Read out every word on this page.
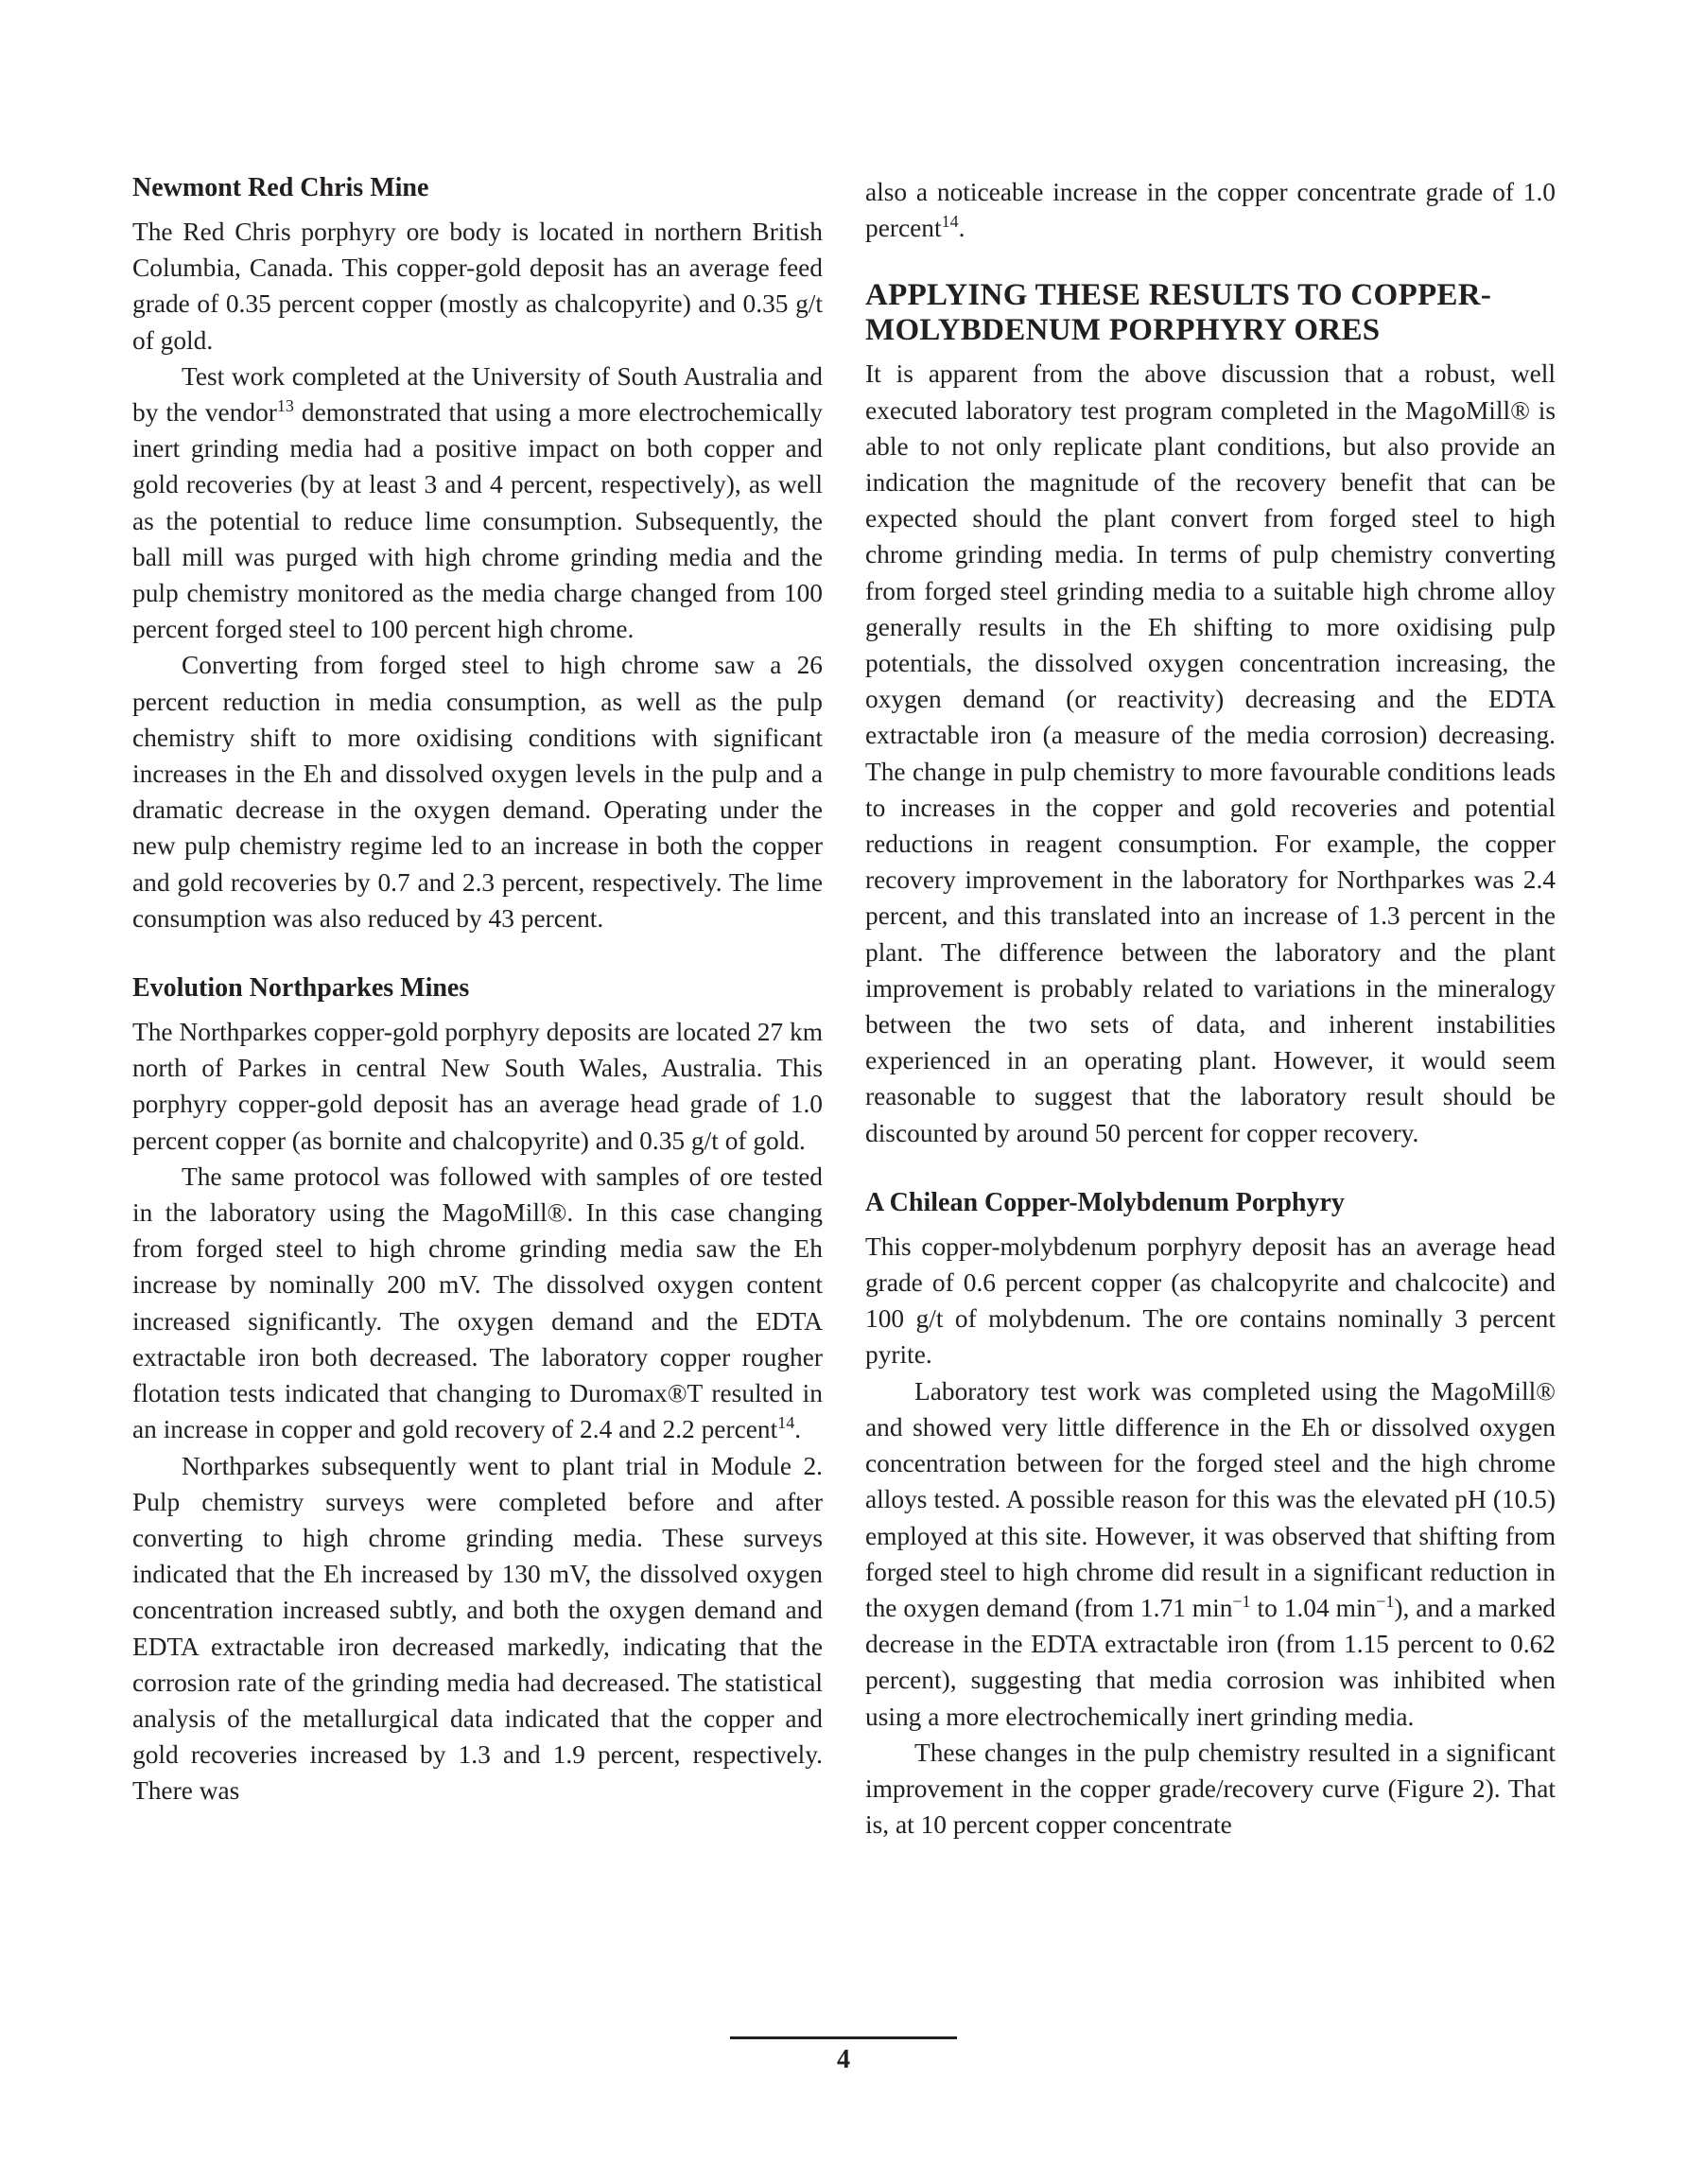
Newmont Red Chris Mine

The Red Chris porphyry ore body is located in northern British Columbia, Canada. This copper-gold deposit has an average feed grade of 0.35 percent copper (mostly as chalcopyrite) and 0.35 g/t of gold.

Test work completed at the University of South Australia and by the vendor$^{13}$ demonstrated that using a more electrochemically inert grinding media had a positive impact on both copper and gold recoveries (by at least 3 and 4 percent, respectively), as well as the potential to reduce lime consumption. Subsequently, the ball mill was purged with high chrome grinding media and the pulp chemistry monitored as the media charge changed from 100 percent forged steel to 100 percent high chrome.

Converting from forged steel to high chrome saw a 26 percent reduction in media consumption, as well as the pulp chemistry shift to more oxidising conditions with significant increases in the Eh and dissolved oxygen levels in the pulp and a dramatic decrease in the oxygen demand. Operating under the new pulp chemistry regime led to an increase in both the copper and gold recoveries by 0.7 and 2.3 percent, respectively. The lime consumption was also reduced by 43 percent.

Evolution Northparkes Mines

The Northparkes copper-gold porphyry deposits are located 27 km north of Parkes in central New South Wales, Australia. This porphyry copper-gold deposit has an average head grade of 1.0 percent copper (as bornite and chalcopyrite) and 0.35 g/t of gold.

The same protocol was followed with samples of ore tested in the laboratory using the MagoMill®. In this case changing from forged steel to high chrome grinding media saw the Eh increase by nominally 200 mV. The dissolved oxygen content increased significantly. The oxygen demand and the EDTA extractable iron both decreased. The laboratory copper rougher flotation tests indicated that changing to Duromax®T resulted in an increase in copper and gold recovery of 2.4 and 2.2 percent$^{14}$.

Northparkes subsequently went to plant trial in Module 2. Pulp chemistry surveys were completed before and after converting to high chrome grinding media. These surveys indicated that the Eh increased by 130 mV, the dissolved oxygen concentration increased subtly, and both the oxygen demand and EDTA extractable iron decreased markedly, indicating that the corrosion rate of the grinding media had decreased. The statistical analysis of the metallurgical data indicated that the copper and gold recoveries increased by 1.3 and 1.9 percent, respectively. There was

also a noticeable increase in the copper concentrate grade of 1.0 percent$^{14}$.

APPLYING THESE RESULTS TO COPPER-MOLYBDENUM PORPHYRY ORES

It is apparent from the above discussion that a robust, well executed laboratory test program completed in the MagoMill® is able to not only replicate plant conditions, but also provide an indication the magnitude of the recovery benefit that can be expected should the plant convert from forged steel to high chrome grinding media. In terms of pulp chemistry converting from forged steel grinding media to a suitable high chrome alloy generally results in the Eh shifting to more oxidising pulp potentials, the dissolved oxygen concentration increasing, the oxygen demand (or reactivity) decreasing and the EDTA extractable iron (a measure of the media corrosion) decreasing. The change in pulp chemistry to more favourable conditions leads to increases in the copper and gold recoveries and potential reductions in reagent consumption. For example, the copper recovery improvement in the laboratory for Northparkes was 2.4 percent, and this translated into an increase of 1.3 percent in the plant. The difference between the laboratory and the plant improvement is probably related to variations in the mineralogy between the two sets of data, and inherent instabilities experienced in an operating plant. However, it would seem reasonable to suggest that the laboratory result should be discounted by around 50 percent for copper recovery.

A Chilean Copper-Molybdenum Porphyry

This copper-molybdenum porphyry deposit has an average head grade of 0.6 percent copper (as chalcopyrite and chalcocite) and 100 g/t of molybdenum. The ore contains nominally 3 percent pyrite.

Laboratory test work was completed using the MagoMill® and showed very little difference in the Eh or dissolved oxygen concentration between for the forged steel and the high chrome alloys tested. A possible reason for this was the elevated pH (10.5) employed at this site. However, it was observed that shifting from forged steel to high chrome did result in a significant reduction in the oxygen demand (from 1.71 $\min^{-1}$ to 1.04 $\min^{-1}$), and a marked decrease in the EDTA extractable iron (from 1.15 percent to 0.62 percent), suggesting that media corrosion was inhibited when using a more electrochemically inert grinding media.

These changes in the pulp chemistry resulted in a significant improvement in the copper grade/recovery curve (Figure 2). That is, at 10 percent copper concentrate

4
